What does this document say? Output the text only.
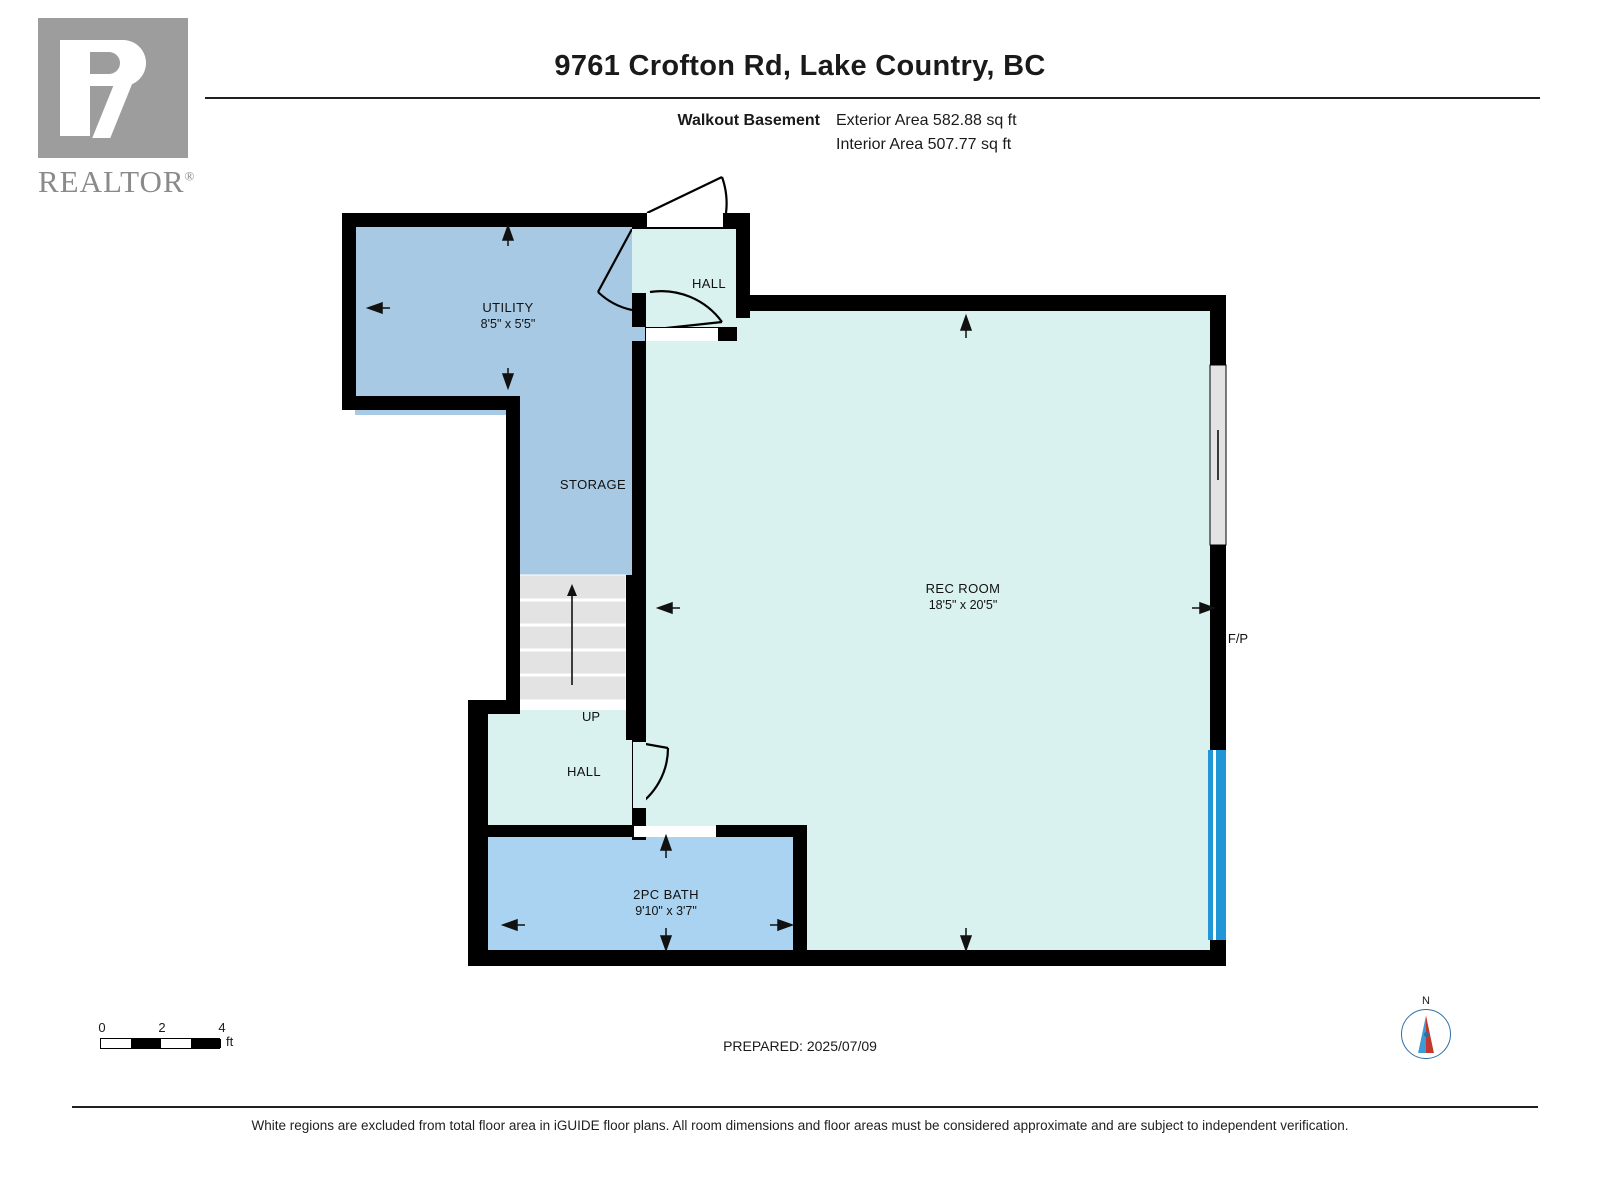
REALTOR®
9761 Crofton Rd, Lake Country, BC
Walkout Basement	Exterior Area 582.88 sq ft
Interior Area 507.77 sq ft
UTILITY
8'5" x 5'5"
HALL
STORAGE
REC ROOM
18'5" x 20'5"
HALL
2PC BATH
9'10" x 3'7"
UP
F/P
0	2	4
ft	PREPARED: 2025/07/09
N
White regions are excluded from total floor area in iGUIDE floor plans. All room dimensions and floor areas must be considered approximate and are subject to independent verification.
